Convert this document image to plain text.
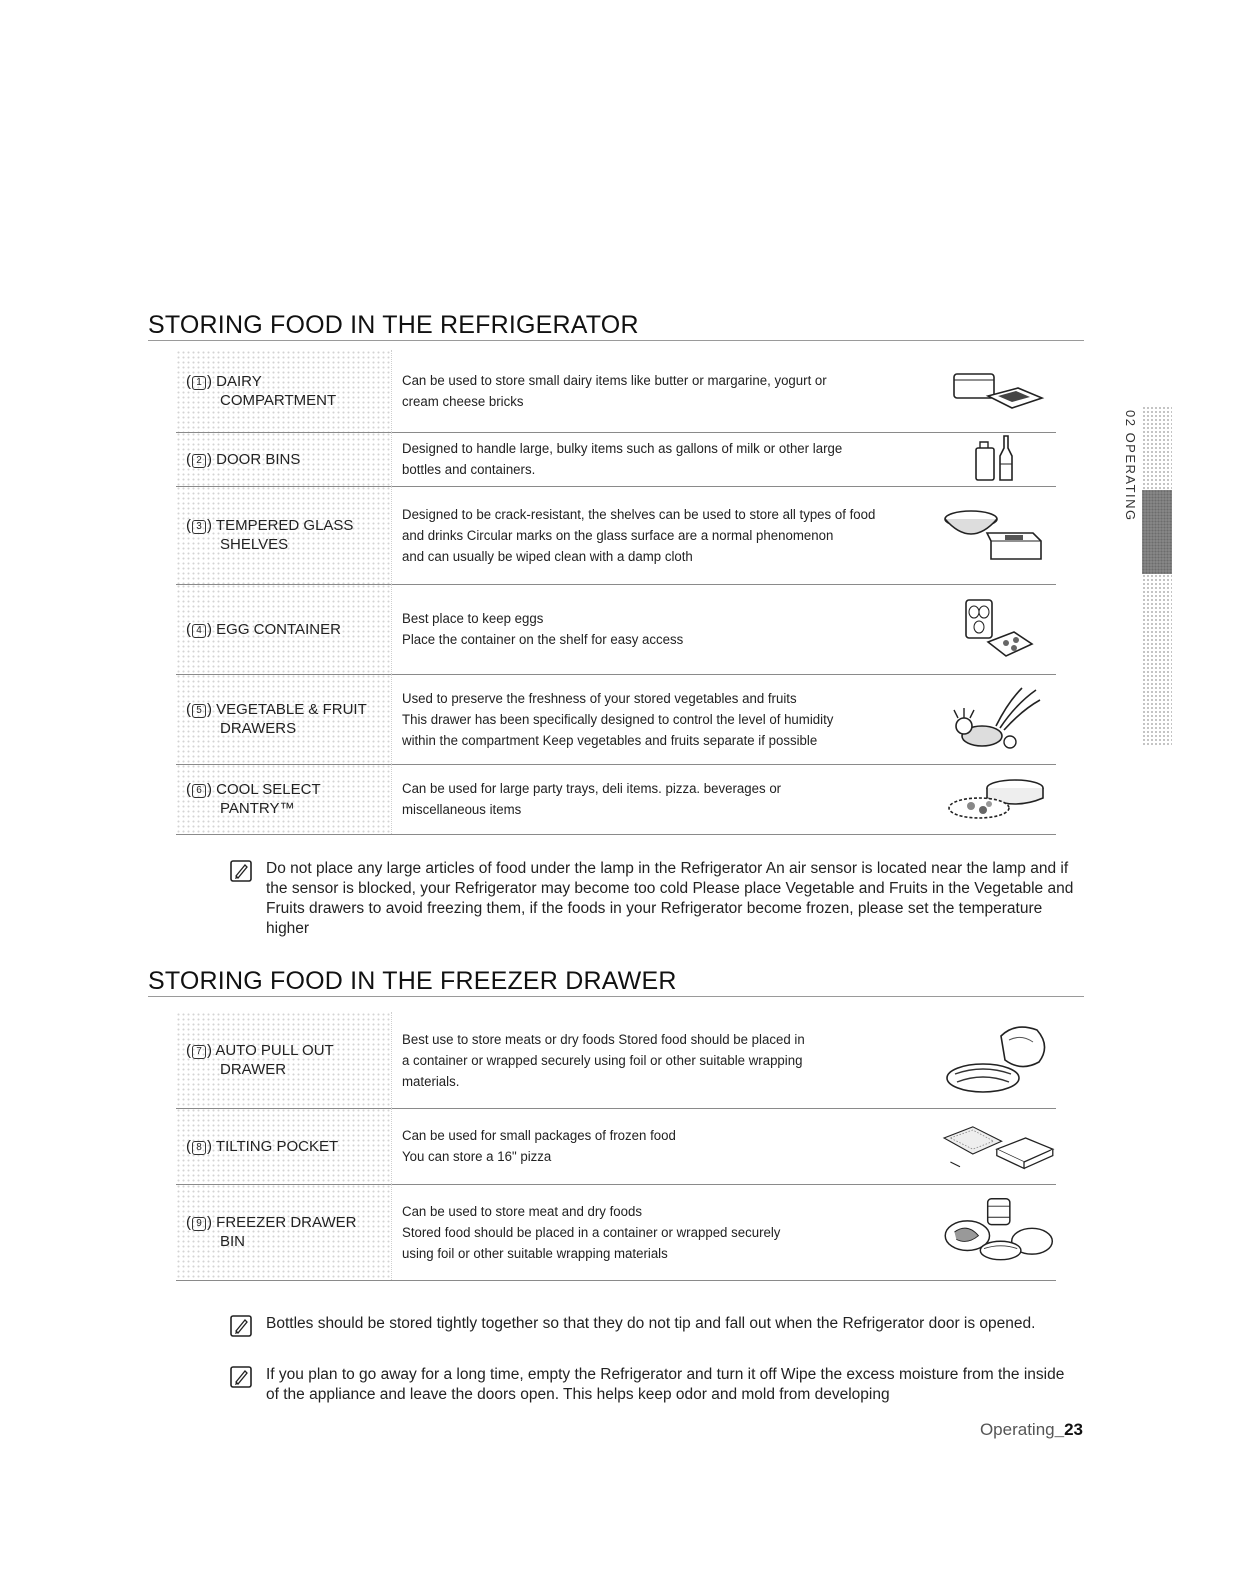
STORING FOOD IN THE REFRIGERATOR
( 1 ) DAIRY
COMPARTMENT
Can be used to store small dairy items like butter or margarine, yogurt or
cream cheese bricks
( 2 ) DOOR BINS
Designed to handle large, bulky items such as gallons of milk or other large
bottles and containers.
( 3 ) TEMPERED GLASS
SHELVES
Designed to be crack-resistant, the shelves can be used to store all types of food
and drinks Circular marks on the glass surface are a normal phenomenon
and can usually be wiped clean with a damp cloth
( 4 ) EGG CONTAINER
Best place to keep eggs
Place the container on the shelf for easy access
( 5 ) VEGETABLE & FRUIT
DRAWERS
Used to preserve the freshness of your stored vegetables and fruits
This drawer has been specifically designed to control the level of humidity
within the compartment Keep vegetables and fruits separate if possible
( 6 ) COOL SELECT
PANTRY™
Can be used for large party trays, deli items. pizza. beverages or
miscellaneous items
Do not place any large articles of food under the lamp in the Refrigerator An air sensor is located near the lamp and if the sensor is blocked, your Refrigerator may become too cold Please place Vegetable and Fruits in the Vegetable and Fruits drawers to avoid freezing them, if the foods in your Refrigerator become frozen, please set the temperature higher
STORING FOOD IN THE FREEZER DRAWER
( 7 ) AUTO PULL OUT
DRAWER
Best use to store meats or dry foods Stored food should be placed in
a container or wrapped securely using foil or other suitable wrapping
materials.
( 8 ) TILTING POCKET
Can be used for small packages of frozen food
You can store a 16" pizza
( 9 ) FREEZER DRAWER
BIN
Can be used to store meat and dry foods
Stored food should be placed in a container or wrapped securely
using foil or other suitable wrapping materials
Bottles should be stored tightly together so that they do not tip and fall out when the Refrigerator door is opened.
If you plan to go away for a long time, empty the Refrigerator and turn it off Wipe the excess moisture from the inside of the appliance and leave the doors open. This helps keep odor and mold from developing
02 OPERATING
Operating_23
